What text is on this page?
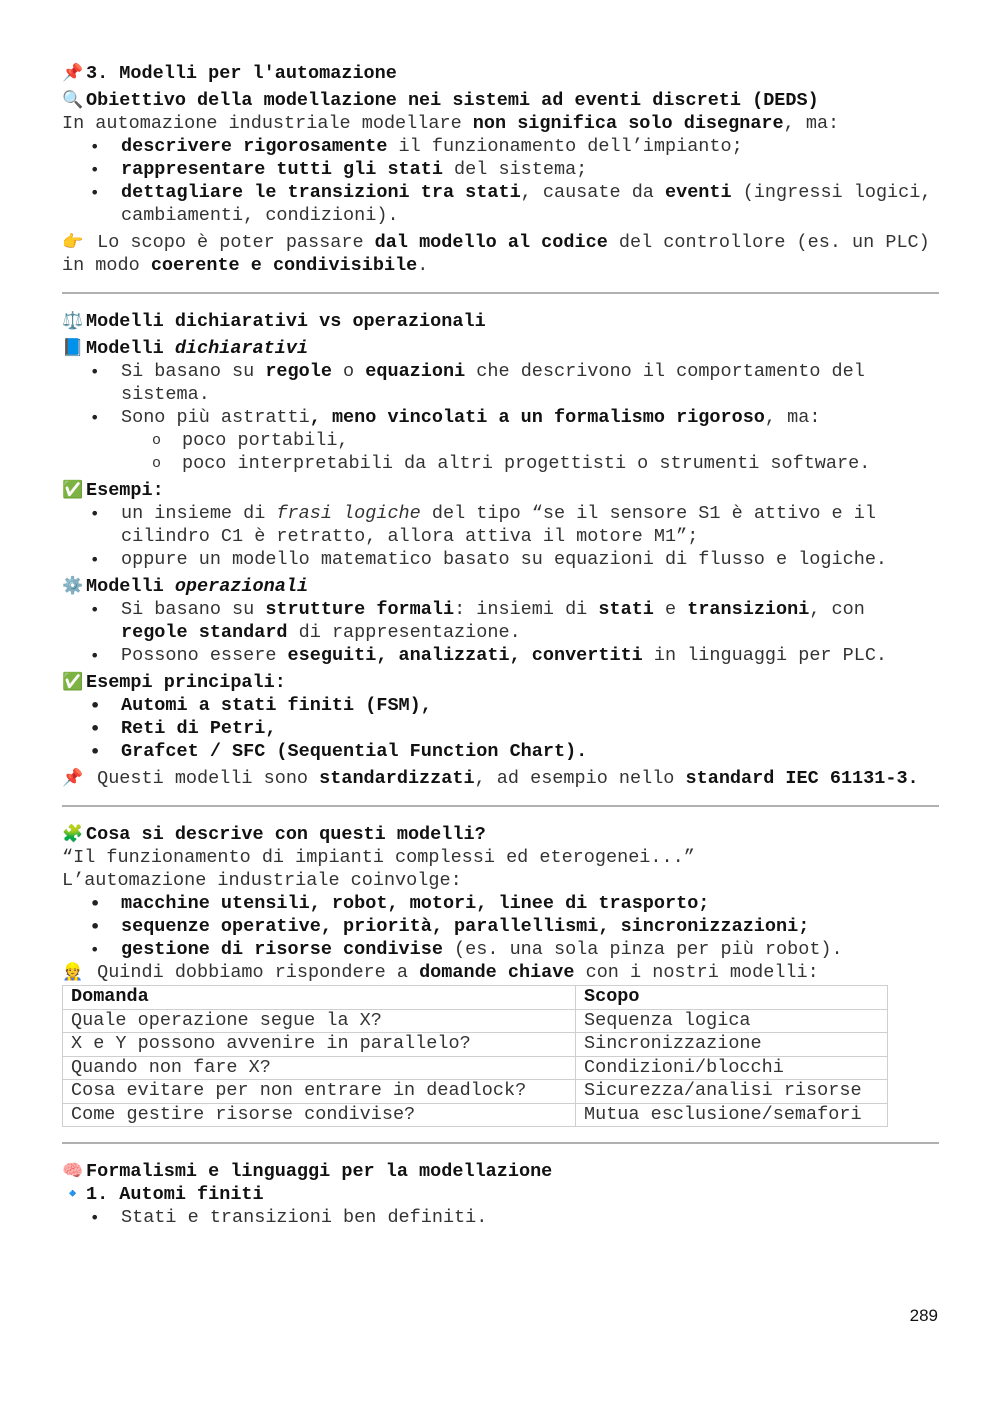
📌 3. Modelli per l'automazione
🔍 Obiettivo della modellazione nei sistemi ad eventi discreti (DEDS)
In automazione industriale modellare non significa solo disegnare, ma:
• descrivere rigorosamente il funzionamento dell’impianto;
• rappresentare tutti gli stati del sistema;
• dettagliare le transizioni tra stati, causate da eventi (ingressi logici, cambiamenti, condizioni).
👉 Lo scopo è poter passare dal modello al codice del controllore (es. un PLC) in modo coerente e condivisibile.
⚖️ Modelli dichiarativi vs operazionali
📘 Modelli dichiarativi
• Si basano su regole o equazioni che descrivono il comportamento del sistema.
• Sono più astratti, meno vincolati a un formalismo rigoroso, ma:
o poco portabili,
o poco interpretabili da altri progettisti o strumenti software.
✅ Esempi:
• un insieme di frasi logiche del tipo “se il sensore S1 è attivo e il cilindro C1 è retratto, allora attiva il motore M1”;
• oppure un modello matematico basato su equazioni di flusso e logiche.
⚙️ Modelli operazionali
• Si basano su strutture formali: insiemi di stati e transizioni, con regole standard di rappresentazione.
• Possono essere eseguiti, analizzati, convertiti in linguaggi per PLC.
✅ Esempi principali:
• Automi a stati finiti (FSM),
• Reti di Petri,
• Grafcet / SFC (Sequential Function Chart).
📌 Questi modelli sono standardizzati, ad esempio nello standard IEC 61131-3.
🧩 Cosa si descrive con questi modelli?
“Il funzionamento di impianti complessi ed eterogenei...”
L’automazione industriale coinvolge:
• macchine utensili, robot, motori, linee di trasporto;
• sequenze operative, priorità, parallellismi, sincronizzazioni;
• gestione di risorse condivise (es. una sola pinza per più robot).
👷 Quindi dobbiamo rispondere a domande chiave con i nostri modelli:
Domanda	Scopo
Quale operazione segue la X?	Sequenza logica
X e Y possono avvenire in parallelo?	Sincronizzazione
Quando non fare X?	Condizioni/blocchi
Cosa evitare per non entrare in deadlock?	Sicurezza/analisi risorse
Come gestire risorse condivise?	Mutua esclusione/semafori
🧠 Formalismi e linguaggi per la modellazione
🔹 1. Automi finiti
• Stati e transizioni ben definiti.
289
